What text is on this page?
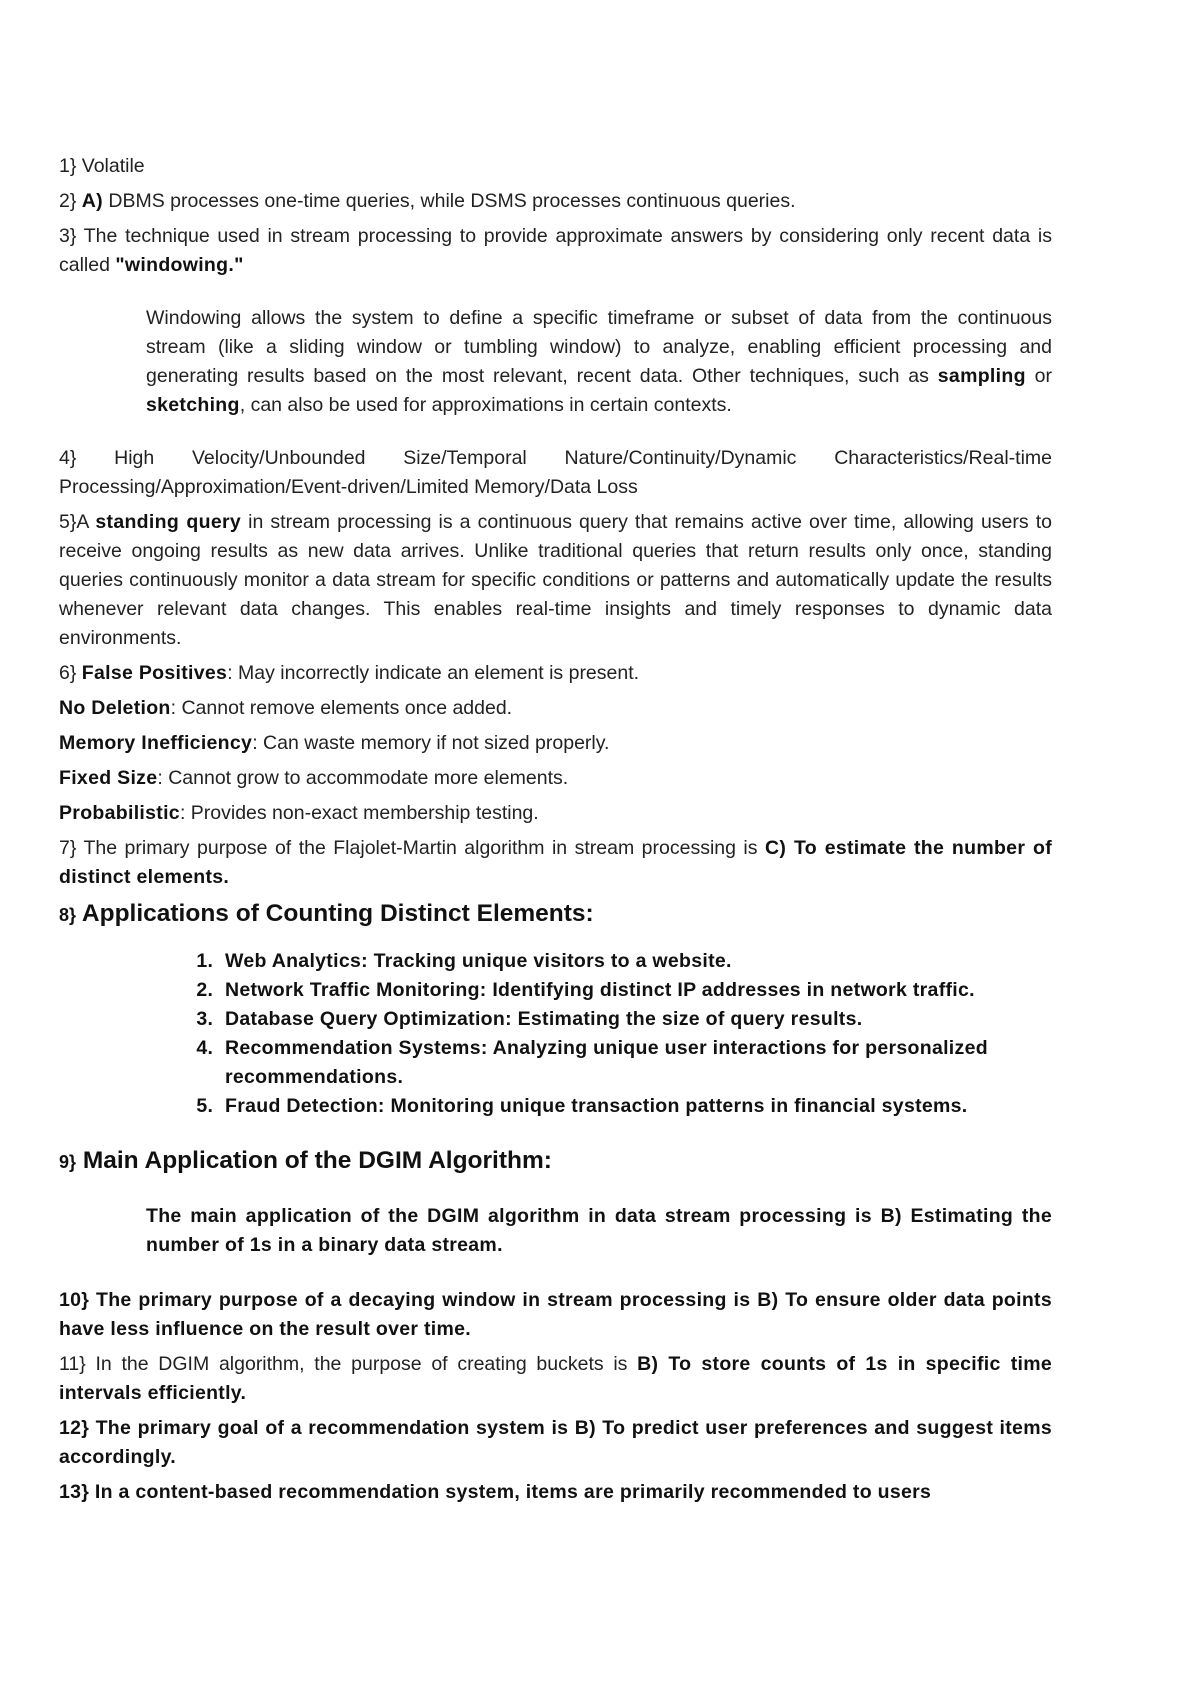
1} Volatile

2} A) DBMS processes one-time queries, while DSMS processes continuous queries.

3} The technique used in stream processing to provide approximate answers by considering only recent data is called "windowing."

Windowing allows the system to define a specific timeframe or subset of data from the continuous stream (like a sliding window or tumbling window) to analyze, enabling efficient processing and generating results based on the most relevant, recent data. Other techniques, such as sampling or sketching, can also be used for approximations in certain contexts.

4} High Velocity/Unbounded Size/Temporal Nature/Continuity/Dynamic Characteristics/Real-time Processing/Approximation/Event-driven/Limited Memory/Data Loss

5}A standing query in stream processing is a continuous query that remains active over time, allowing users to receive ongoing results as new data arrives. Unlike traditional queries that return results only once, standing queries continuously monitor a data stream for specific conditions or patterns and automatically update the results whenever relevant data changes. This enables real-time insights and timely responses to dynamic data environments.

6} False Positives: May incorrectly indicate an element is present.

No Deletion: Cannot remove elements once added.

Memory Inefficiency: Can waste memory if not sized properly.

Fixed Size: Cannot grow to accommodate more elements.

Probabilistic: Provides non-exact membership testing.

7} The primary purpose of the Flajolet-Martin algorithm in stream processing is C) To estimate the number of distinct elements.

8} Applications of Counting Distinct Elements:

1. Web Analytics: Tracking unique visitors to a website.
2. Network Traffic Monitoring: Identifying distinct IP addresses in network traffic.
3. Database Query Optimization: Estimating the size of query results.
4. Recommendation Systems: Analyzing unique user interactions for personalized recommendations.
5. Fraud Detection: Monitoring unique transaction patterns in financial systems.

9} Main Application of the DGIM Algorithm:

The main application of the DGIM algorithm in data stream processing is B) Estimating the number of 1s in a binary data stream.

10} The primary purpose of a decaying window in stream processing is B) To ensure older data points have less influence on the result over time.

11} In the DGIM algorithm, the purpose of creating buckets is B) To store counts of 1s in specific time intervals efficiently.

12} The primary goal of a recommendation system is B) To predict user preferences and suggest items accordingly.

13} In a content-based recommendation system, items are primarily recommended to users
